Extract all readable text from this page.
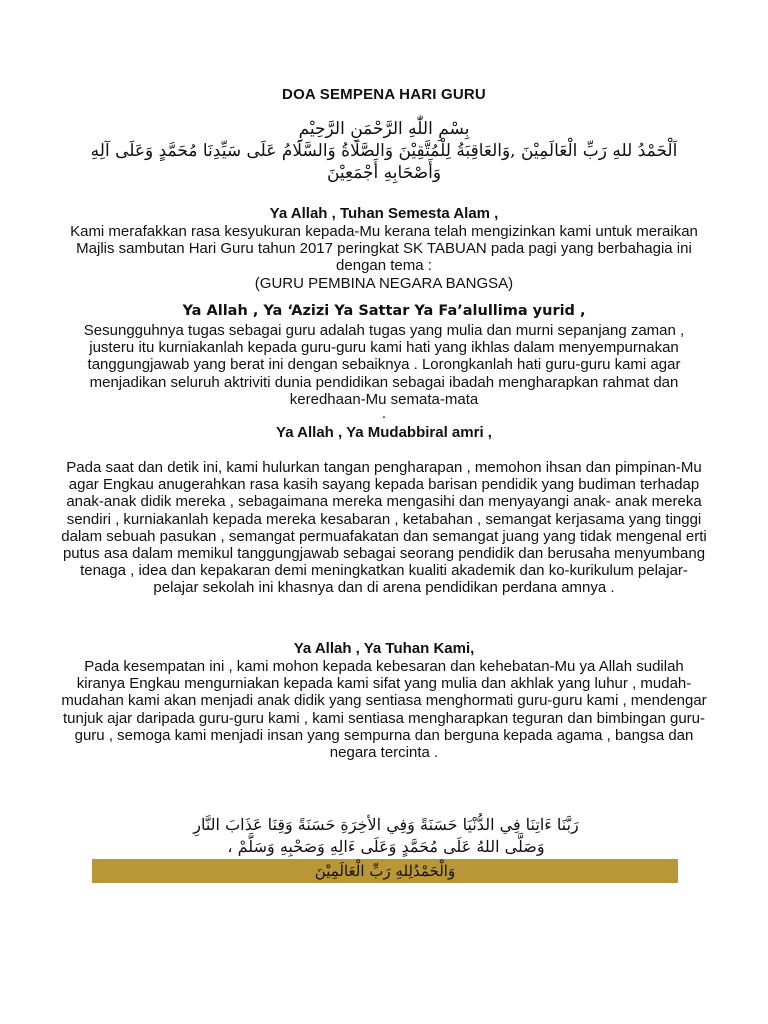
DOA SEMPENA HARI GURU
بِسْمِ اللّٰهِ الرَّحْمَنِ الرَّحِيْمِ
اَلْحَمْدُ للهِ رَبِّ الْعَالَمِيْنَ ,وَالعَاقِبَةُ لِلْمُتَّقِيْنَ وَالصَّلَاةُ وَالسَّلَامُ عَلَى سَيِّدِنَا مُحَمَّدٍ وَعَلَى آلِهِ وَأَصْحَابِهِ أَجْمَعِيْنَ
Ya Allah , Tuhan Semesta Alam ,
Kami merafakkan rasa kesyukuran kepada-Mu kerana telah mengizinkan kami untuk meraikan Majlis sambutan Hari Guru tahun 2017 peringkat SK TABUAN pada pagi yang berbahagia ini dengan tema :
(GURU PEMBINA NEGARA BANGSA)
Ya Allah , Ya ‘Azizi Ya Sattar Ya Fa’alullima yurid ,
Sesungguhnya tugas sebagai guru adalah tugas yang mulia dan murni sepanjang zaman , justeru itu kurniakanlah kepada guru-guru kami hati yang ikhlas dalam menyempurnakan tanggungjawab yang berat ini dengan sebaiknya . Lorongkanlah hati guru-guru kami agar menjadikan seluruh aktriviti dunia pendidikan sebagai ibadah mengharapkan rahmat dan keredhaan-Mu semata-mata
.
Ya Allah , Ya Mudabbiral amri ,
Pada saat dan detik ini, kami hulurkan tangan pengharapan , memohon ihsan dan pimpinan-Mu agar Engkau anugerahkan rasa kasih sayang kepada barisan pendidik yang budiman terhadap anak-anak didik mereka , sebagaimana mereka mengasihi dan menyayangi anak- anak mereka sendiri , kurniakanlah kepada mereka kesabaran , ketabahan , semangat kerjasama yang tinggi dalam sebuah pasukan , semangat permuafakatan dan semangat juang yang tidak mengenal erti putus asa dalam memikul tanggungjawab sebagai seorang pendidik dan berusaha menyumbang tenaga , idea dan kepakaran demi meningkatkan kualiti akademik dan ko-kurikulum pelajar-pelajar sekolah ini khasnya dan di arena pendidikan perdana amnya .
Ya Allah , Ya Tuhan Kami,
Pada kesempatan ini , kami mohon kepada kebesaran dan kehebatan-Mu ya Allah sudilah kiranya Engkau mengurniakan kepada kami sifat yang mulia dan akhlak yang luhur , mudah-mudahan kami akan menjadi anak didik yang sentiasa menghormati guru-guru kami , mendengar tunjuk ajar daripada guru-guru kami , kami sentiasa mengharapkan teguran dan bimbingan guru-guru , semoga kami menjadi insan yang sempurna dan berguna kepada agama , bangsa dan negara tercinta .
رَبَّنَا ءَاتِنَا فِي الدُّنْيَا حَسَنَةً وَفِي الأخِرَةِ حَسَنَةً وَقِنَا عَذَابَ النَّارِ
وَصَلَّى اللهُ عَلَى مُحَمَّدٍ وَعَلَى ءَالِهِ وَصَحْبِهِ وَسَلَّمْ ،
وَالْحَمْدُلِلهِ رَبِّ الْعَالَمِيْنَ
